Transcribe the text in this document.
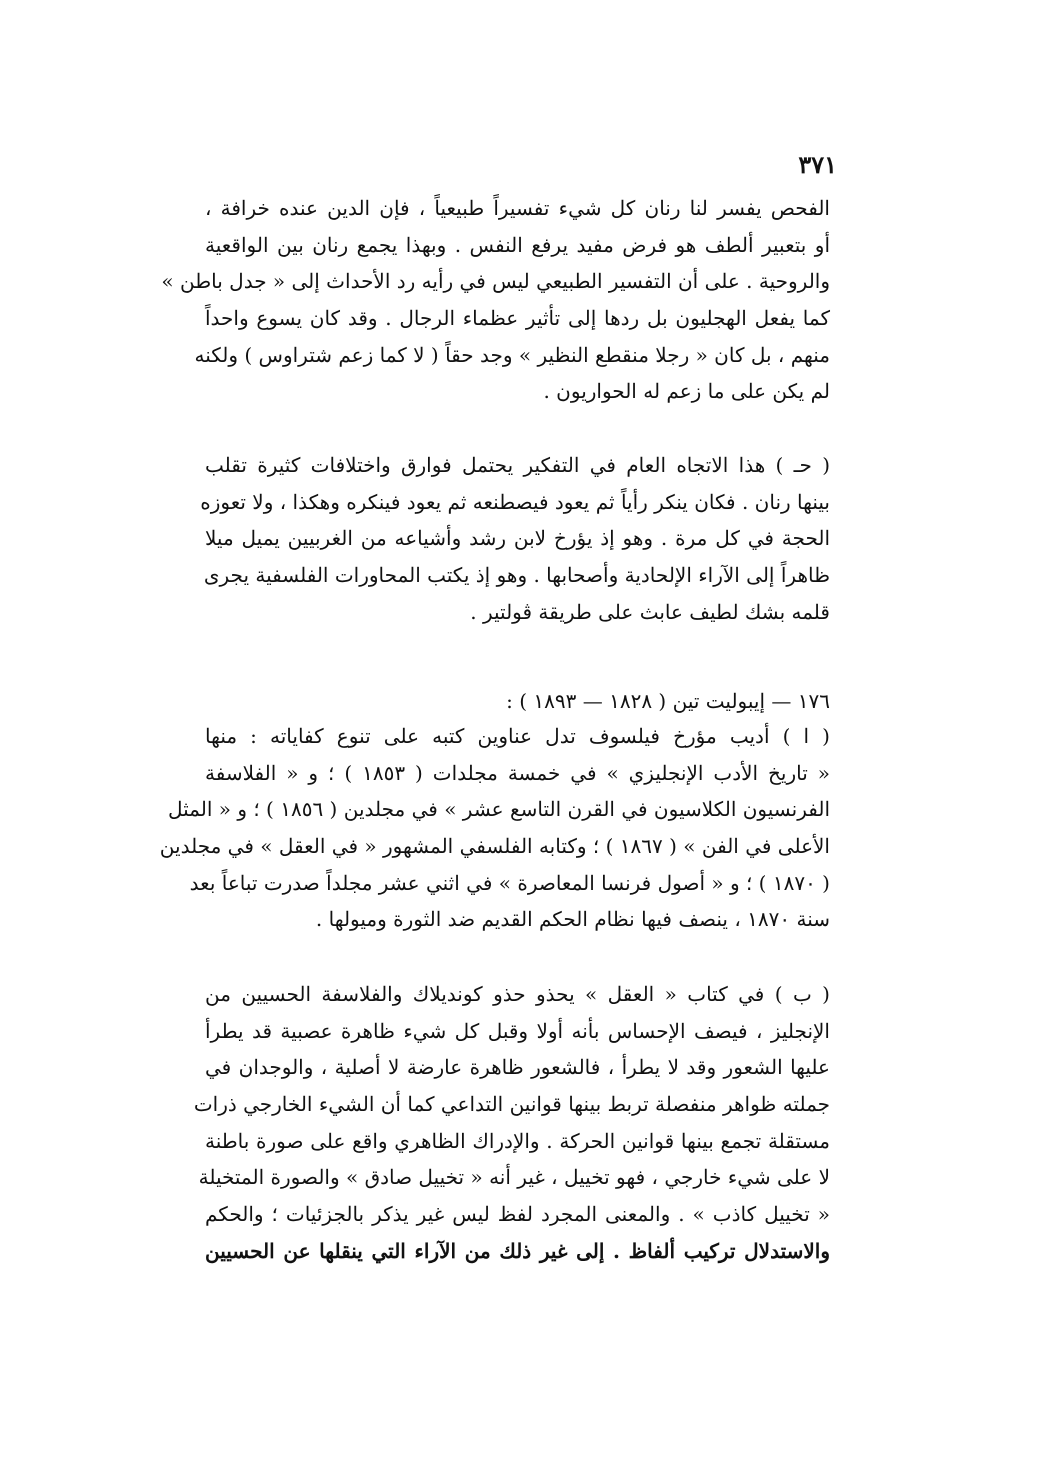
٣٧١
الفحص يفسر لنا رنان كل شيء تفسيراً طبيعياً ، فإن الدين عنده خرافة ،
أو بتعبير ألطف هو فرض مفيد يرفع النفس . وبهذا يجمع رنان بين الواقعية
والروحية . على أن التفسير الطبيعي ليس في رأيه رد الأحداث إلى « جدل باطن »
كما يفعل الهجليون بل ردها إلى تأثير عظماء الرجال . وقد كان يسوع واحداً
منهم ، بل كان « رجلا منقطع النظير » وجد حقاً ( لا كما زعم شتراوس ) ولكنه
لم يكن على ما زعم له الحواريون .
( حـ ) هذا الاتجاه العام في التفكير يحتمل فوارق واختلافات كثيرة تقلب
بينها رنان . فكان ينكر رأياً ثم يعود فيصطنعه ثم يعود فينكره وهكذا ، ولا تعوزه
الحجة في كل مرة . وهو إذ يؤرخ لابن رشد وأشياعه من الغربيين يميل ميلا
ظاهراً إلى الآراء الإلحادية وأصحابها . وهو إذ يكتب المحاورات الفلسفية يجرى
قلمه بشك لطيف عابث على طريقة ڤولتير .
١٧٦ — إيبوليت تين ( ١٨٢٨ — ١٨٩٣ ) :
( ا ) أديب مؤرخ فيلسوف تدل عناوين كتبه على تنوع كفاياته : منها
« تاريخ الأدب الإنجليزي » في خمسة مجلدات ( ١٨٥٣ ) ؛ و « الفلاسفة
الفرنسيون الكلاسيون في القرن التاسع عشر » في مجلدين ( ١٨٥٦ ) ؛ و « المثل
الأعلى في الفن » ( ١٨٦٧ ) ؛ وكتابه الفلسفي المشهور « في العقل » في مجلدين
( ١٨٧٠ ) ؛ و « أصول فرنسا المعاصرة » في اثني عشر مجلداً صدرت تباعاً بعد
سنة ١٨٧٠ ، ينصف فيها نظام الحكم القديم ضد الثورة وميولها .
( ب ) في كتاب « العقل » يحذو حذو كونديلاك والفلاسفة الحسيين من
الإنجليز ، فيصف الإحساس بأنه أولا وقبل كل شيء ظاهرة عصبية قد يطرأ
عليها الشعور وقد لا يطرأ ، فالشعور ظاهرة عارضة لا أصلية ، والوجدان في
جملته ظواهر منفصلة تربط بينها قوانين التداعي كما أن الشيء الخارجي ذرات
مستقلة تجمع بينها قوانين الحركة . والإدراك الظاهري واقع على صورة باطنة
لا على شيء خارجي ، فهو تخييل ، غير أنه « تخييل صادق » والصورة المتخيلة
« تخييل كاذب » . والمعنى المجرد لفظ ليس غير يذكر بالجزئيات ؛ والحكم
والاستدلال تركيب ألفاظ . إلى غير ذلك من الآراء التي ينقلها عن الحسيين
